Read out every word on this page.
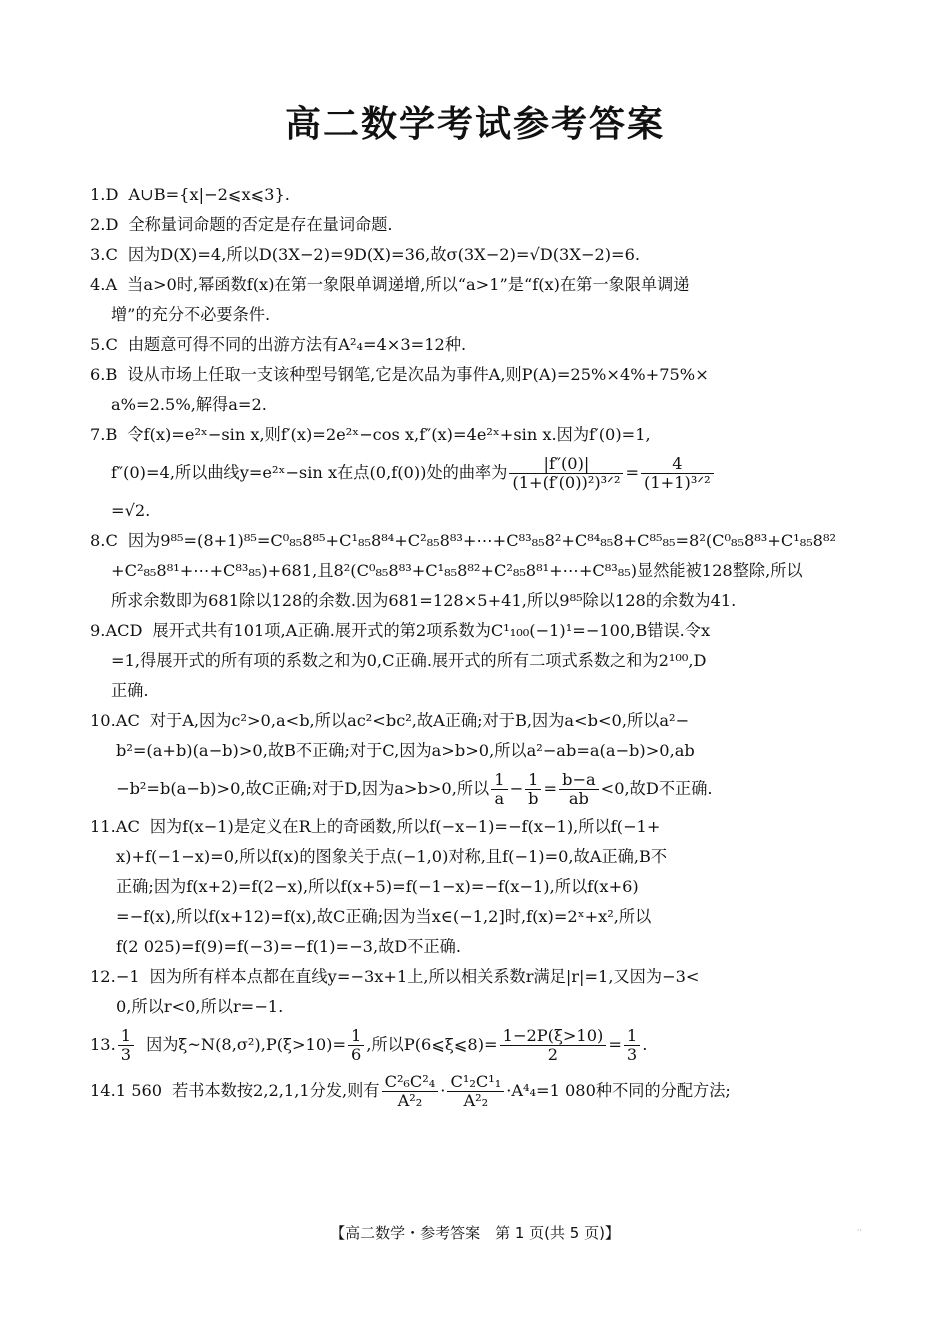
高二数学考试参考答案
1.D A∪B={x|−2⩽x⩽3}.
2.D 全称量词命题的否定是存在量词命题.
3.C 因为D(X)=4,所以D(3X−2)=9D(X)=36,故σ(3X−2)=√D(3X−2)=6.
4.A 当a>0时,幂函数f(x)在第一象限单调递增,所以“a>1”是“f(x)在第一象限单调递
增”的充分不必要条件.
5.C 由题意可得不同的出游方法有A²₄=4×3=12种.
6.B 设从市场上任取一支该种型号钢笔,它是次品为事件A,则P(A)=25%×4%+75%×
a%=2.5%,解得a=2.
7.B 令f(x)=e²ˣ−sin x,则f′(x)=2e²ˣ−cos x,f″(x)=4e²ˣ+sin x.因为f′(0)=1,
f″(0)=4,所以曲线y=e²ˣ−sin x在点(0,f(0))处的曲率为 $\frac{|f''(0)|}{\text{(1+(f′(0))²)³ᐟ²}} = \frac{4}{\text{(1+1)³ᐟ²}}$
=√2.
8.C 因为9⁸⁵=(8+1)⁸⁵=C⁰₈₅8⁸⁵+C¹₈₅8⁸⁴+C²₈₅8⁸³+⋯+C⁸³₈₅8²+C⁸⁴₈₅8+C⁸⁵₈₅=8²(C⁰₈₅8⁸³+C¹₈₅8⁸²
+C²₈₅8⁸¹+⋯+C⁸³₈₅)+681,且8²(C⁰₈₅8⁸³+C¹₈₅8⁸²+C²₈₅8⁸¹+⋯+C⁸³₈₅)显然能被128整除,所以
所求余数即为681除以128的余数.因为681=128×5+41,所以9⁸⁵除以128的余数为41.
9.ACD 展开式共有101项,A正确.展开式的第2项系数为C¹₁₀₀(−1)¹=−100,B错误.令x
=1,得展开式的所有项的系数之和为0,C正确.展开式的所有二项式系数之和为2¹⁰⁰,D
正确.
10.AC 对于A,因为c²>0,a<b,所以ac²<bc²,故A正确;对于B,因为a<b<0,所以a²−
b²=(a+b)(a−b)>0,故B不正确;对于C,因为a>b>0,所以a²−ab=a(a−b)>0,ab
−b²=b(a−b)>0,故C正确;对于D,因为a>b>0,所以 $\frac{1}{a} - \frac{1}{b} = \frac{b-a}{ab} <0$,故D不正确.
11.AC 因为f(x−1)是定义在R上的奇函数,所以f(−x−1)=−f(x−1),所以f(−1+
x)+f(−1−x)=0,所以f(x)的图象关于点(−1,0)对称,且f(−1)=0,故A正确,B不
正确;因为f(x+2)=f(2−x),所以f(x+5)=f(−1−x)=−f(x−1),所以f(x+6)
=−f(x),所以f(x+12)=f(x),故C正确;因为当x∈(−1,2]时,f(x)=2ˣ+x²,所以
f(2 025)=f(9)=f(−3)=−f(1)=−3,故D不正确.
12.−1 因为所有样本点都在直线y=−3x+1上,所以相关系数r满足|r|=1,又因为−3<
0,所以r<0,所以r=−1.
13. $\frac{1}{3}$ 因为ξ~N(8,σ²),P(ξ>10)= $\frac{1}{6}$ ,所以P(6⩽ξ⩽8)= $\frac{1-2P(\xi>10)}{2} = \frac{1}{3}$ .
14.1 560 若书本数按2,2,1,1分发,则有 $\frac{\text{C²₆C²₄}}{\text{A²₂}} \cdot \frac{\text{C¹₂C¹₁}}{\text{A²₂}} \cdot A^4_4=1$ 080种不同的分配方法;
【高二数学・参考答案　第 1 页(共 5 页)】	··
